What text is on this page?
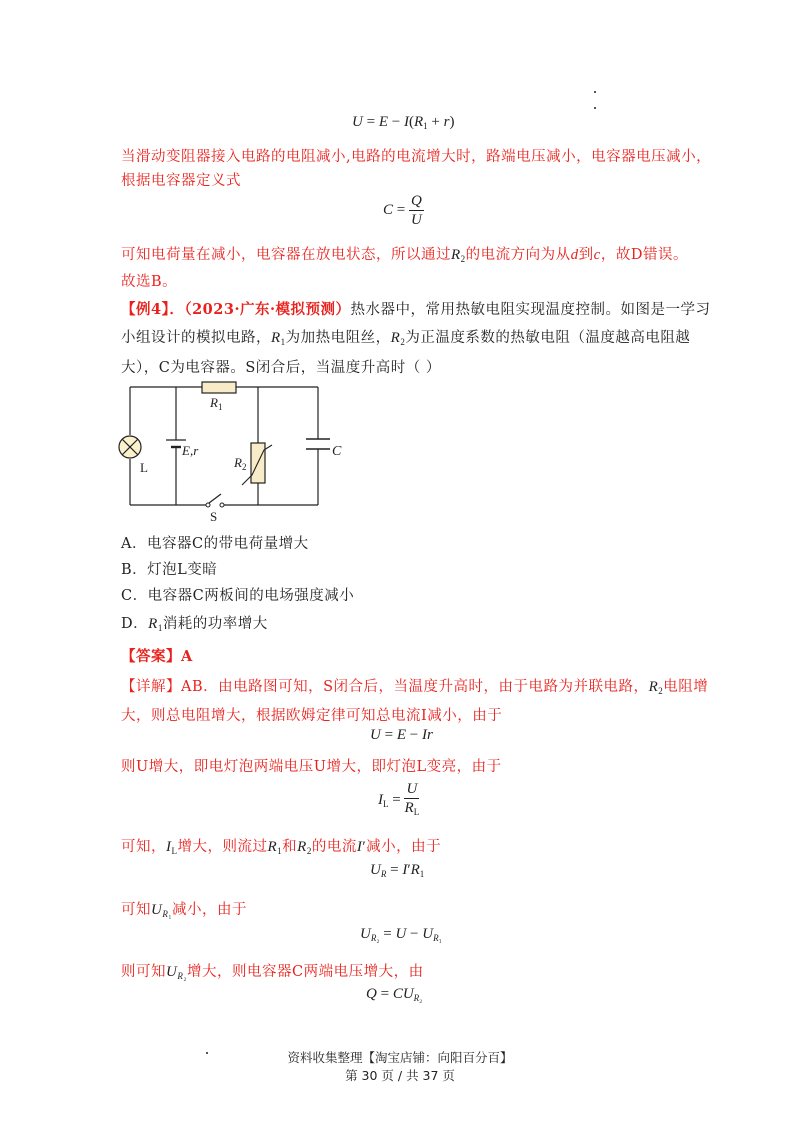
$U = E - I(R_1 + r)$
当滑动变阻器接入电路的电阻减小,电路的电流增大时，路端电压减小，电容器电压减小，
根据电容器定义式
$C = \frac{Q}{U}$
可知电荷量在减小，电容器在放电状态，所以通过$R_2$的电流方向为从d到c，故D错误。
故选B。
【例4】．（2023·广东·模拟预测）热水器中，常用热敏电阻实现温度控制。如图是一学习
小组设计的模拟电路，$R_1$为加热电阻丝，$R_2$为正温度系数的热敏电阻（温度越高电阻越
大），C为电容器。S闭合后，当温度升高时（ ）
$R_1$
E,r
$R_2$
C
L
S
A．电容器C的带电荷量增大
B．灯泡L变暗
C．电容器C两板间的电场强度减小
D．$R_1$消耗的功率增大
【答案】A
【详解】AB．由电路图可知，S闭合后，当温度升高时，由于电路为并联电路，$R_2$电阻增
大，则总电阻增大，根据欧姆定律可知总电流I减小，由于
U = E − Ir
则U增大，即电灯泡两端电压U增大，即灯泡L变亮，由于
$I_L = \frac{U}{R_L}$
可知，$I_L$增大，则流过$R_1$和$R_2$的电流I′减小，由于
$U_R = I'R_1$
可知$U_{R_1}$减小，由于
$U_{R_2} = U - U_{R_1}$
则可知$U_{R_2}$增大，则电容器C两端电压增大，由
$Q = CU_{R_2}$
资料收集整理【淘宝店铺：向阳百分百】
第 30 页 / 共 37 页
